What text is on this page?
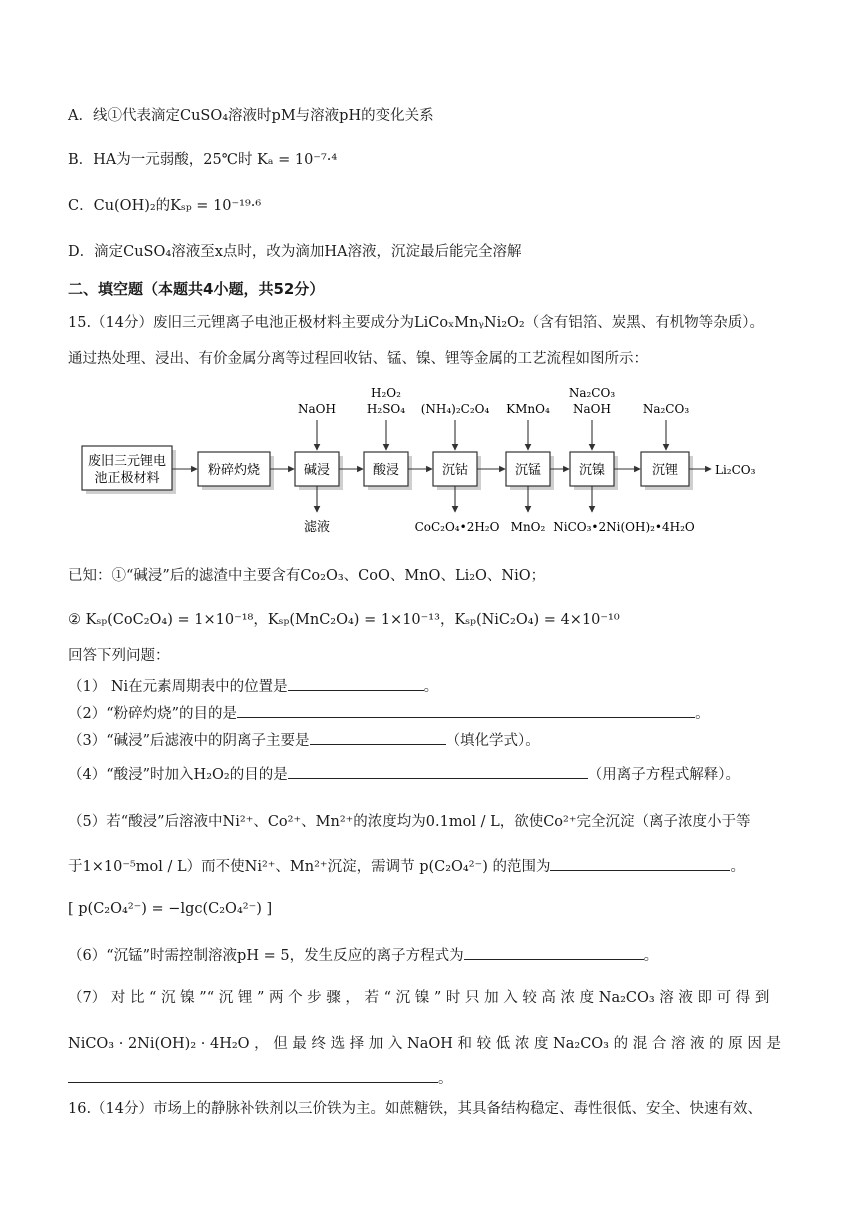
A．线①代表滴定CuSO₄溶液时pM与溶液pH的变化关系
B．HA为一元弱酸，25℃时 Kₐ = 10⁻⁷·⁴
C．Cu(OH)₂的Kₛₚ = 10⁻¹⁹·⁶
D．滴定CuSO₄溶液至x点时，改为滴加HA溶液，沉淀最后能完全溶解
二、填空题（本题共4小题，共52分）
15.（14分）废旧三元锂离子电池正极材料主要成分为LiCoₓMnᵧNi₂O₂（含有铝箔、炭黑、有机物等杂质）。
通过热处理、浸出、有价金属分离等过程回收钴、锰、镍、锂等金属的工艺流程如图所示：
NaOH
H₂O₂
H₂SO₄ (NH₄)₂C₂O₄ KMnO₄
Na₂CO₃
NaOH	Na₂CO₃
废旧三元锂电
池正极材料
粉碎灼烧	碱浸	酸浸	沉钴	沉锰	沉镍	沉锂	Li₂CO₃
滤液	CoC₂O₄•2H₂O MnO₂ NiCO₃•2Ni(OH)₂•4H₂O
已知：①“碱浸”后的滤渣中主要含有Co₂O₃、CoO、MnO、Li₂O、NiO；
② Kₛₚ(CoC₂O₄) = 1×10⁻¹⁸，Kₛₚ(MnC₂O₄) = 1×10⁻¹³，Kₛₚ(NiC₂O₄) = 4×10⁻¹⁰
回答下列问题：
（1） Ni在元素周期表中的位置是	。
（2）“粉碎灼烧”的目的是	。
（3）“碱浸”后滤液中的阴离子主要是	（填化学式）。
（4）“酸浸”时加入H₂O₂的目的是	（用离子方程式解释）。
（5）若“酸浸”后溶液中Ni²⁺、Co²⁺、Mn²⁺的浓度均为0.1mol / L，欲使Co²⁺完全沉淀（离子浓度小于等
于1×10⁻⁵mol / L）而不使Ni²⁺、Mn²⁺沉淀，需调节 p(C₂O₄²⁻) 的范围为	。
[ p(C₂O₄²⁻) = −lgc(C₂O₄²⁻) ]
（6）“沉锰”时需控制溶液pH = 5，发生反应的离子方程式为	。
（7） 对 比 “ 沉 镍 ”“ 沉 锂 ” 两 个 步 骤 ， 若 “ 沉 镍 ” 时 只 加 入 较 高 浓 度 Na₂CO₃ 溶 液 即 可 得 到
NiCO₃ · 2Ni(OH)₂ · 4H₂O ， 但 最 终 选 择 加 入 NaOH 和 较 低 浓 度 Na₂CO₃ 的 混 合 溶 液 的 原 因 是
。
16.（14分）市场上的静脉补铁剂以三价铁为主。如蔗糖铁，其具备结构稳定、毒性很低、安全、快速有效、
